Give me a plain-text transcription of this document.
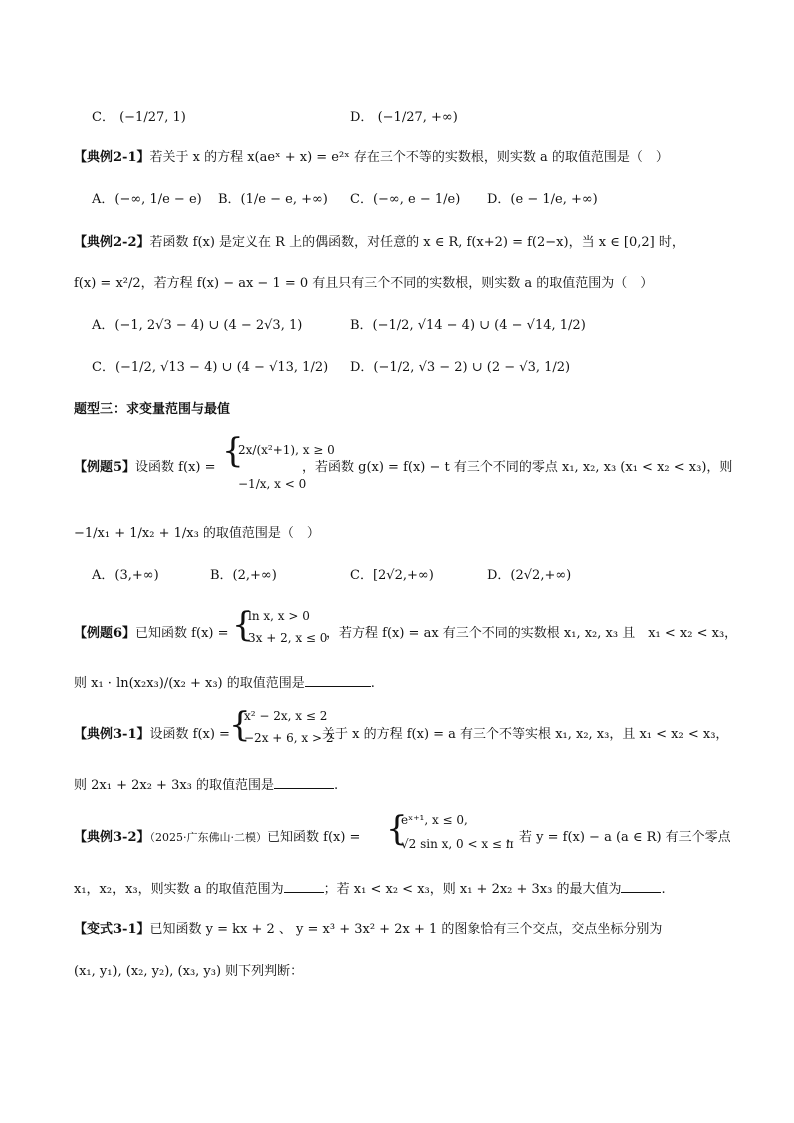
C． (−1/27, 1)	D． (−1/27, +∞)
【典例2-1】若关于 x 的方程 x(aeˣ + x) = e²ˣ 存在三个不等的实数根，则实数 a 的取值范围是（　）
A．(−∞, 1/e − e) B．(1/e − e, +∞) C．(−∞, e − 1/e) D．(e − 1/e, +∞)
【典例2-2】若函数 f(x) 是定义在 R 上的偶函数，对任意的 x ∈ R, f(x+2) = f(2−x)，当 x ∈ [0,2] 时，
f(x) = x²/2，若方程 f(x) − ax − 1 = 0 有且只有三个不同的实数根，则实数 a 的取值范围为（　）
A．(−1, 2√3 − 4) ∪ (4 − 2√3, 1)	B．(−1/2, √14 − 4) ∪ (4 − √14, 1/2)
C．(−1/2, √13 − 4) ∪ (4 − √13, 1/2) D．(−1/2, √3 − 2) ∪ (2 − √3, 1/2)
题型三：求变量范围与最值
【例题5】设函数 f(x) = {
2x/(x²+1), x ≥ 0
−1/x, x < 0
，若函数 g(x) = f(x) − t 有三个不同的零点 x₁, x₂, x₃ (x₁ < x₂ < x₃)，则
−1/x₁ + 1/x₂ + 1/x₃ 的取值范围是（　）
A．(3,+∞)	B．(2,+∞)	C．[2√2,+∞)	D．(2√2,+∞)
【例题6】已知函数 f(x) = {
ln x, x > 0
3x + 2, x ≤ 0
，若方程 f(x) = ax 有三个不同的实数根 x₁, x₂, x₃ 且　x₁ < x₂ < x₃，
则 x₁ · ln(x₂x₃)/(x₂ + x₃) 的取值范围是	.
【典例3-1】设函数 f(x) = {
x² − 2x, x ≤ 2
−2x + 6, x > 2
关于 x 的方程 f(x) = a 有三个不等实根 x₁, x₂, x₃，且 x₁ < x₂ < x₃，
则 2x₁ + 2x₂ + 3x₃ 的取值范围是	.
【典例3-2】（2025·广东佛山·二模）已知函数 f(x) = {
eˣ⁺¹, x ≤ 0,
√2 sin x, 0 < x ≤ π
，若 y = f(x) − a (a ∈ R) 有三个零点
x₁，x₂，x₃，则实数 a 的取值范围为	；若 x₁ < x₂ < x₃，则 x₁ + 2x₂ + 3x₃ 的最大值为	.
【变式3-1】已知函数 y = kx + 2 、 y = x³ + 3x² + 2x + 1 的图象恰有三个交点，交点坐标分别为
(x₁, y₁), (x₂, y₂), (x₃, y₃) 则下列判断：
